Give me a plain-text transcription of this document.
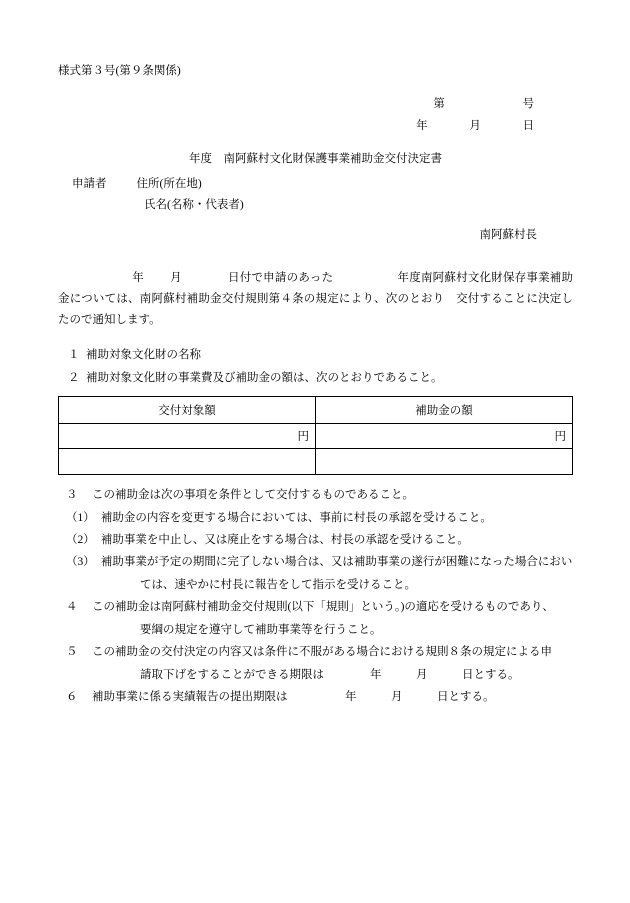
様式第３号(第９条関係)
第	号
年	月	日
年度　南阿蘇村文化財保護事業補助金交付決定書
申請者	住所(所在地)
氏名(名称・代表者)
南阿蘇村長
年 月	日付で申請のあった	年度南阿蘇村文化財保存事業補助金については、南阿蘇村補助金交付規則第４条の規定により、次のとおり　交付することに決定したので通知します。
１ 補助対象文化財の名称
２ 補助対象文化財の事業費及び補助金の額は、次のとおりであること。
交付対象額	補助金の額
円	円

３ この補助金は次の事項を条件として交付するものであること。
（1） 補助金の内容を変更する場合においては、事前に村長の承認を受けること。
（2） 補助事業を中止し、又は廃止をする場合は、村長の承認を受けること。
（3） 補助事業が予定の期間に完了しない場合は、又は補助事業の遂行が困難になった場合におい
ては、速やかに村長に報告をして指示を受けること。
４ この補助金は南阿蘇村補助金交付規則(以下「規則」という。)の適応を受けるものであり、
要綱の規定を遵守して補助事業等を行うこと。
５ この補助金の交付決定の内容又は条件に不服がある場合における規則８条の規定による申
請取下げをすることができる期限は　　　　年　　　月　　　日とする。
６ 補助事業に係る実績報告の提出期限は　　　　　年　　　月　　　日とする。
